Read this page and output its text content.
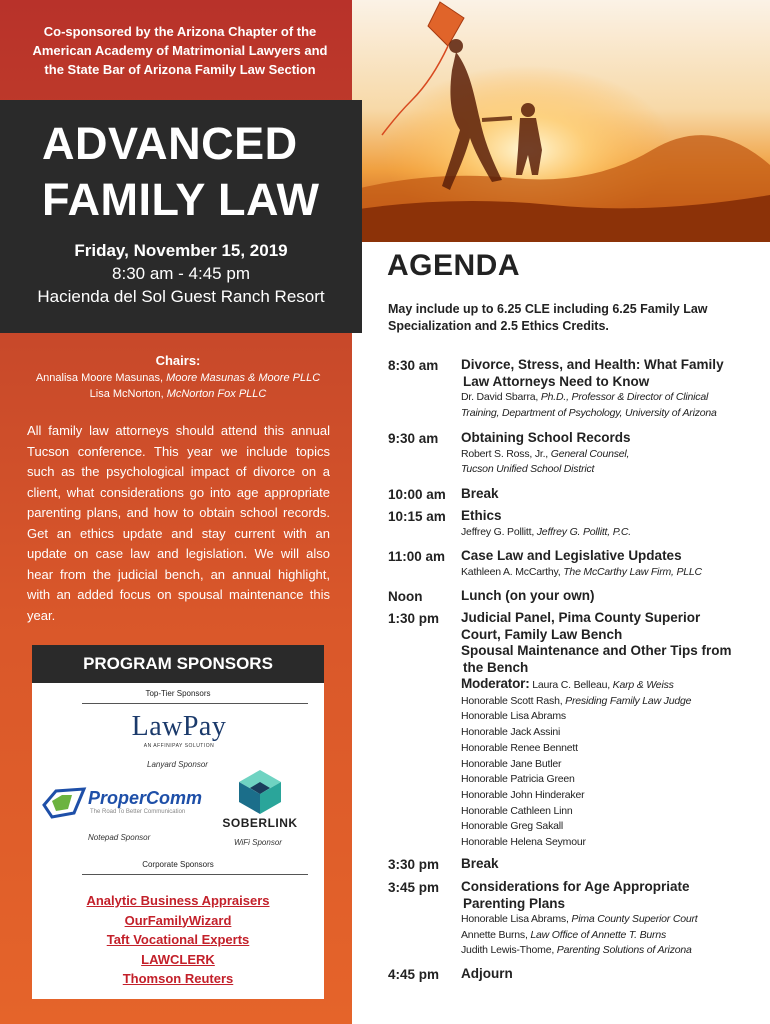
Co-sponsored by the Arizona Chapter of the
American Academy of Matrimonial Lawyers and
the State Bar of Arizona Family Law Section
Chairs:
Annalisa Moore Masunas, Moore Masunas & Moore PLLC
Lisa McNorton, McNorton Fox PLLC
All family law attorneys should attend this annual Tucson conference. This year we include topics such as the psychological impact of divorce on a client, what considerations go into age appropriate parenting plans, and how to obtain school records. Get an ethics update and stay current with an update on case law and legislation. We will also hear from the judicial bench, an annual highlight, with an added focus on spousal maintenance this year.
PROGRAM SPONSORS
Top-Tier Sponsors
LawPay
AN AFFINIPAY SOLUTION
Lanyard Sponsor
ProperComm
The Road To Better Communication
SOBERLINK
Notepad Sponsor
WiFi Sponsor
Corporate Sponsors
Analytic Business Appraisers
OurFamilyWizard
Taft Vocational Experts
LAWCLERK
Thomson Reuters
ADVANCED
FAMILY LAW
Friday, November 15, 2019
8:30 am - 4:45 pm
Hacienda del Sol Guest Ranch Resort
AGENDA
May include up to 6.25 CLE including 6.25 Family Law Specialization and 2.5 Ethics Credits.
8:30 am	Divorce, Stress, and Health: What Family
Law Attorneys Need to Know
Dr. David Sbarra, Ph.D., Professor & Director of Clinical
Training, Department of Psychology, University of Arizona
9:30 am	Obtaining School Records
Robert S. Ross, Jr., General Counsel,
Tucson Unified School District
10:00 am	Break
10:15 am	Ethics
Jeffrey G. Pollitt, Jeffrey G. Pollitt, P.C.
11:00 am	Case Law and Legislative Updates
Kathleen A. McCarthy, The McCarthy Law Firm, PLLC
Noon	Lunch (on your own)
1:30 pm	Judicial Panel, Pima County Superior
Court, Family Law Bench
Spousal Maintenance and Other Tips from
the Bench
Moderator: Laura C. Belleau, Karp & Weiss
Honorable Scott Rash, Presiding Family Law Judge
Honorable Lisa Abrams
Honorable Jack Assini
Honorable Renee Bennett
Honorable Jane Butler
Honorable Patricia Green
Honorable John Hinderaker
Honorable Cathleen Linn
Honorable Greg Sakall
Honorable Helena Seymour
3:30 pm	Break
3:45 pm	Considerations for Age Appropriate
Parenting Plans
Honorable Lisa Abrams, Pima County Superior Court
Annette Burns, Law Office of Annette T. Burns
Judith Lewis-Thome, Parenting Solutions of Arizona
4:45 pm	Adjourn
